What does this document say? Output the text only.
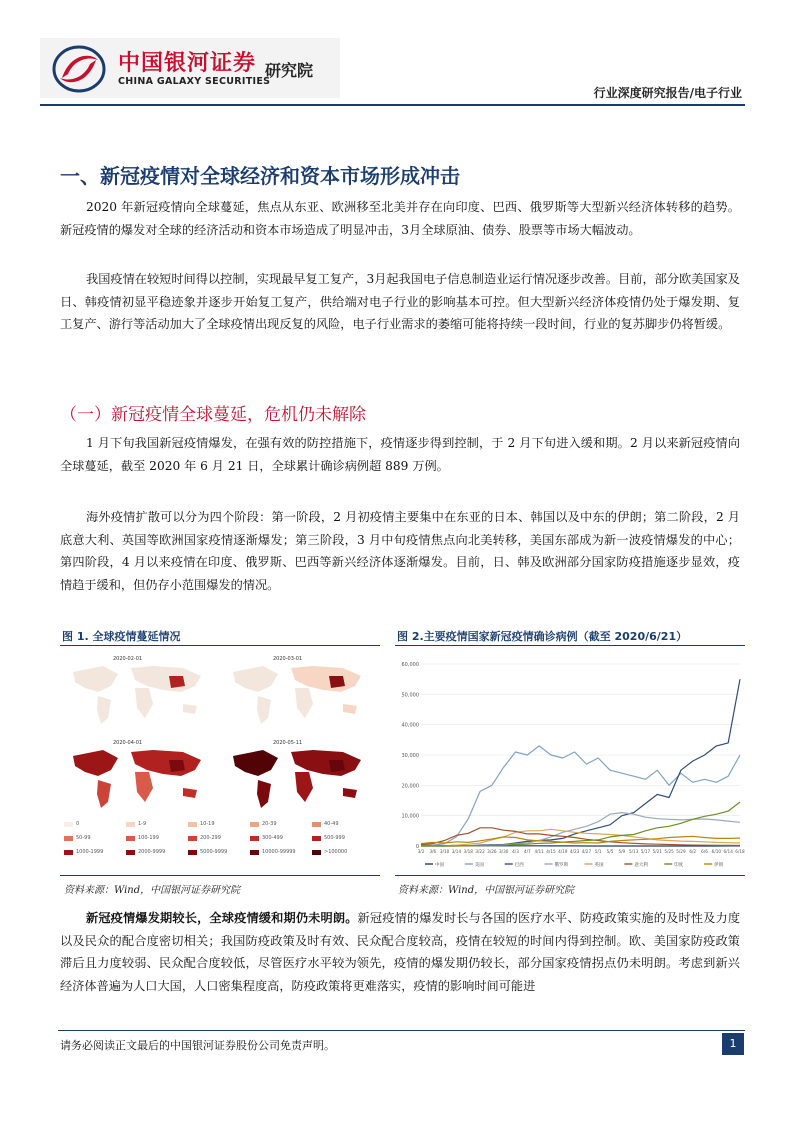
中国银河证券
CHINA GALAXY SECURITIES
研究院
行业深度研究报告/电子行业
一、新冠疫情对全球经济和资本市场形成冲击
2020 年新冠疫情向全球蔓延，焦点从东亚、欧洲移至北美并存在向印度、巴西、俄罗斯等大型新兴经济体转移的趋势。新冠疫情的爆发对全球的经济活动和资本市场造成了明显冲击，3月全球原油、债券、股票等市场大幅波动。
我国疫情在较短时间得以控制，实现最早复工复产，3月起我国电子信息制造业运行情况逐步改善。目前，部分欧美国家及日、韩疫情初显平稳迹象并逐步开始复工复产，供给端对电子行业的影响基本可控。但大型新兴经济体疫情仍处于爆发期、复工复产、游行等活动加大了全球疫情出现反复的风险，电子行业需求的萎缩可能将持续一段时间，行业的复苏脚步仍将暂缓。
（一）新冠疫情全球蔓延，危机仍未解除
1 月下旬我国新冠疫情爆发，在强有效的防控措施下，疫情逐步得到控制，于 2 月下旬进入缓和期。2 月以来新冠疫情向全球蔓延，截至 2020 年 6 月 21 日，全球累计确诊病例超 889 万例。
海外疫情扩散可以分为四个阶段：第一阶段，2 月初疫情主要集中在东亚的日本、韩国以及中东的伊朗；第二阶段，2 月底意大利、英国等欧洲国家疫情逐渐爆发；第三阶段，3 月中旬疫情焦点向北美转移，美国东部成为新一波疫情爆发的中心；第四阶段，4 月以来疫情在印度、俄罗斯、巴西等新兴经济体逐渐爆发。目前，日、韩及欧洲部分国家防疫措施逐步显效，疫情趋于缓和，但仍存小范围爆发的情况。
图 1. 全球疫情蔓延情况
2020-02-01	2020-03-01
2020-04-01	2020-05-11
0	1-9	10-19	20-39	40-49
50-99	100-199	200-299	300-499	500-999
1000-1999	2000-9999	5000-9999	10000-99999	>100000
资料来源：Wind，中国银河证券研究院
图 2.主要疫情国家新冠疫情确诊病例（截至 2020/6/21）
0
10,000
20,000
30,000
40,000
50,000
60,000
3/2 3/6 3/10 3/14 3/18 3/22 3/26 3/30 4/3 4/7 4/11 4/15 4/19 4/23 4/27 5/1 5/5 5/9 5/13 5/17 5/21 5/25 5/29 6/2 6/6 6/10 6/14 6/18
中国	美国	巴西	俄罗斯	英国	意大利	印度	伊朗
资料来源：Wind，中国银河证券研究院
新冠疫情爆发期较长，全球疫情缓和期仍未明朗。新冠疫情的爆发时长与各国的医疗水平、防疫政策实施的及时性及力度以及民众的配合度密切相关；我国防疫政策及时有效、民众配合度较高，疫情在较短的时间内得到控制。欧、美国家防疫政策滞后且力度较弱、民众配合度较低，尽管医疗水平较为领先，疫情的爆发期仍较长，部分国家疫情拐点仍未明朗。考虑到新兴经济体普遍为人口大国，人口密集程度高，防疫政策将更难落实，疫情的影响时间可能进
请务必阅读正文最后的中国银河证券股份公司免责声明。	1
